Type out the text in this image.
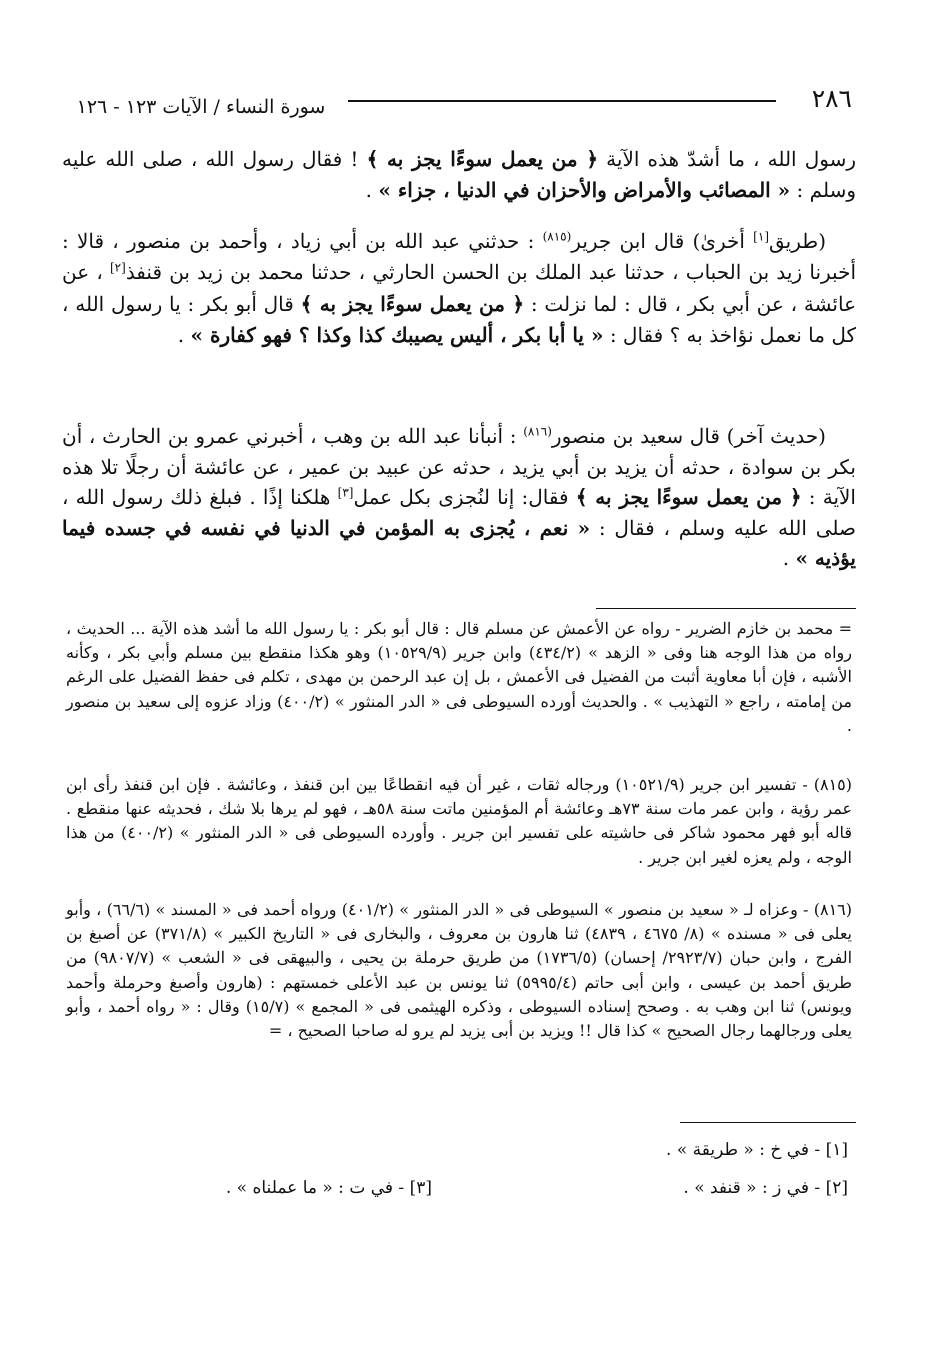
٢٨٦
سورة النساء / الآيات ١٢٣ - ١٢٦

رسول الله ، ما أشدّ هذه الآية ﴿ من يعمل سوءًا يجز به ﴾ ! فقال رسول الله ، صلى الله عليه وسلم : « المصائب والأمراض والأحزان في الدنيا ، جزاء » .

(طريق[١] أخرىٰ) قال ابن جرير$^{(٨١٥)}$ : حدثني عبد الله بن أبي زياد ، وأحمد بن منصور ، قالا : أخبرنا زيد بن الحباب ، حدثنا عبد الملك بن الحسن الحارثي ، حدثنا محمد بن زيد بن قنفذ[٢] ، عن عائشة ، عن أبي بكر ، قال : لما نزلت : ﴿ من يعمل سوءًا يجز به ﴾ قال أبو بكر : يا رسول الله ، كل ما نعمل نؤاخذ به ؟ فقال : « يا أبا بكر ، أليس يصيبك كذا وكذا ؟ فهو كفارة » .

(حديث آخر) قال سعيد بن منصور$^{(٨١٦)}$ : أنبأنا عبد الله بن وهب ، أخبرني عمرو بن الحارث ، أن بكر بن سوادة ، حدثه أن يزيد بن أبي يزيد ، حدثه عن عبيد بن عمير ، عن عائشة أن رجلًا تلا هذه الآية : ﴿ من يعمل سوءًا يجز به ﴾ فقال: إنا لنُجزى بكل عمل[٣] هلكنا إذًا . فبلغ ذلك رسول الله ، صلى الله عليه وسلم ، فقال : « نعم ، يُجزى به المؤمن في الدنيا في نفسه في جسده فيما يؤذيه » .

= محمد بن خازم الضرير - رواه عن الأعمش عن مسلم قال : قال أبو بكر : يا رسول الله ما أشد هذه الآية ... الحديث ، رواه من هذا الوجه هنا وفى « الزهد » (٤٣٤/٢) وابن جرير (١٠٥٢٩/٩) وهو هكذا منقطع بين مسلم وأبي بكر ، وكأنه الأشبه ، فإن أبا معاوية أثبت من الفضيل فى الأعمش ، بل إن عبد الرحمن بن مهدى ، تكلم فى حفظ الفضيل على الرغم من إمامته ، راجع « التهذيب » . والحديث أورده السيوطى فى « الدر المنثور » (٤٠٠/٢) وزاد عزوه إلى سعيد بن منصور .
(٨١٥) - تفسير ابن جرير (١٠٥٢١/٩) ورجاله ثقات ، غير أن فيه انقطاعًا بين ابن قنفذ ، وعائشة . فإن ابن قنفذ رأى ابن عمر رؤية ، وابن عمر مات سنة ٧٣هـ وعائشة أم المؤمنين ماتت سنة ٥٨هـ ، فهو لم يرها بلا شك ، فحديثه عنها منقطع . قاله أبو فهر محمود شاكر فى حاشيته على تفسير ابن جرير . وأورده السيوطى فى « الدر المنثور » (٤٠٠/٢) من هذا الوجه ، ولم يعزه لغير ابن جرير .
(٨١٦) - وعزاه لـ « سعيد بن منصور » السيوطى فى « الدر المنثور » (٤٠١/٢) ورواه أحمد فى « المسند » (٦٦/٦) ، وأبو يعلى فى « مسنده » (٨/ ٤٦٧٥ ، ٤٨٣٩) ثنا هارون بن معروف ، والبخارى فى « التاريخ الكبير » (٣٧١/٨) عن أصبغ بن الفرج ، وابن حبان (٢٩٢٣/٧/ إحسان) (١٧٣٦/٥) من طريق حرملة بن يحيى ، والبيهقى فى « الشعب » (٩٨٠٧/٧) من طريق أحمد بن عيسى ، وابن أبى حاتم (٥٩٩٥/٤) ثنا يونس بن عبد الأعلى خمستهم : (هارون وأصبغ وحرملة وأحمد ويونس) ثنا ابن وهب به . وصحح إسناده السيوطى ، وذكره الهيثمى فى « المجمع » (١٥/٧) وقال : « رواه أحمد ، وأبو يعلى ورجالهما رجال الصحيح » كذا قال !! ويزيد بن أبى يزيد لم يرو له صاحبا الصحيح ، =
[١] - في خ : « طريقة » .
[٢] - في ز : « قنفد » .
[٣] - في ت : « ما عملناه » .
